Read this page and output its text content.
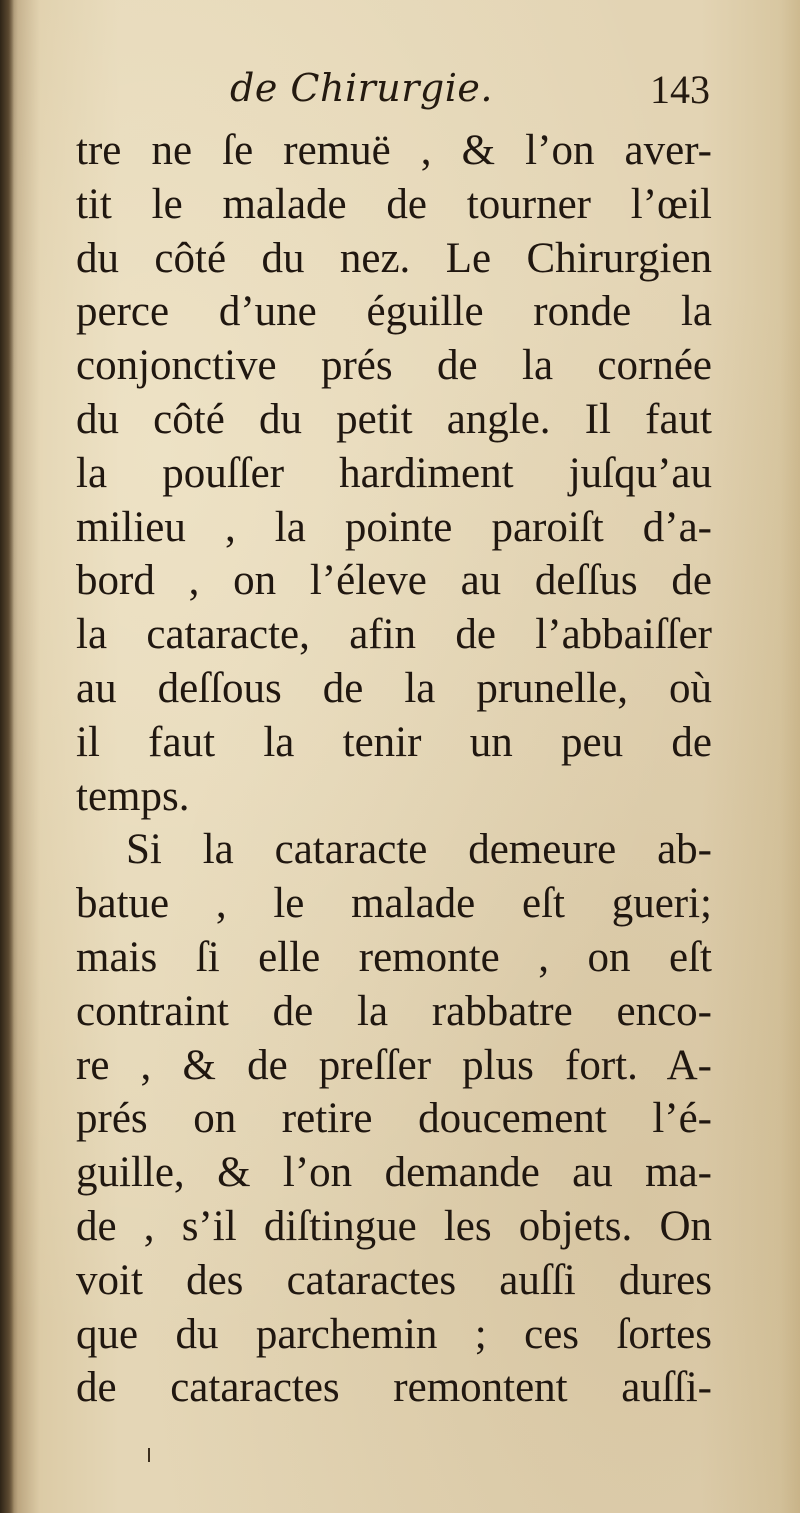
de Chirurgie.	143
tre ne ſe remuë , & l’on aver-
tit le malade de tourner l’œil
du côté du nez. Le Chirurgien
perce d’une éguille ronde la
conjonctive prés de la cornée
du côté du petit angle. Il faut
la pouſſer hardiment juſqu’au
milieu , la pointe paroiſt d’a-
bord , on l’éleve au deſſus de
la cataracte, afin de l’abbaiſſer
au deſſous de la prunelle, où
il faut la tenir un peu de
temps.
Si la cataracte demeure ab-
batue , le malade eſt gueri;
mais ſi elle remonte , on eſt
contraint de la rabbatre enco-
re , & de preſſer plus fort. A-
prés on retire doucement l’é-
guille, & l’on demande au ma-
de , s’il diſtingue les objets. On
voit des cataractes auſſi dures
que du parchemin ; ces ſortes
de cataractes remontent auſſi-
